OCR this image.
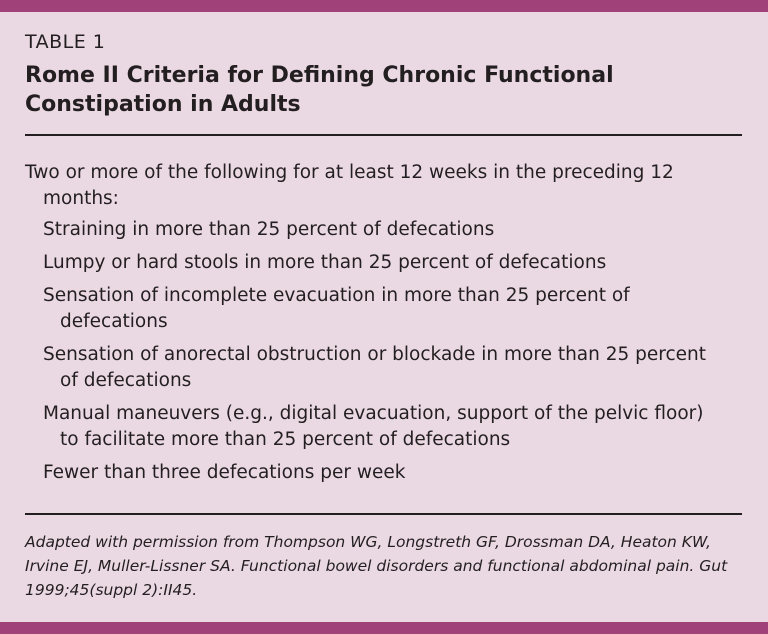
TABLE 1
Rome II Criteria for Defining Chronic Functional Constipation in Adults

Two or more of the following for at least 12 weeks in the preceding 12 months:

Straining in more than 25 percent of defecations
Lumpy or hard stools in more than 25 percent of defecations
Sensation of incomplete evacuation in more than 25 percent of defecations
Sensation of anorectal obstruction or blockade in more than 25 percent of defecations
Manual maneuvers (e.g., digital evacuation, support of the pelvic floor) to facilitate more than 25 percent of defecations
Fewer than three defecations per week
Adapted with permission from Thompson WG, Longstreth GF, Drossman DA, Heaton KW, Irvine EJ, Muller-Lissner SA. Functional bowel disorders and functional abdominal pain. Gut 1999;45(suppl 2):II45.
